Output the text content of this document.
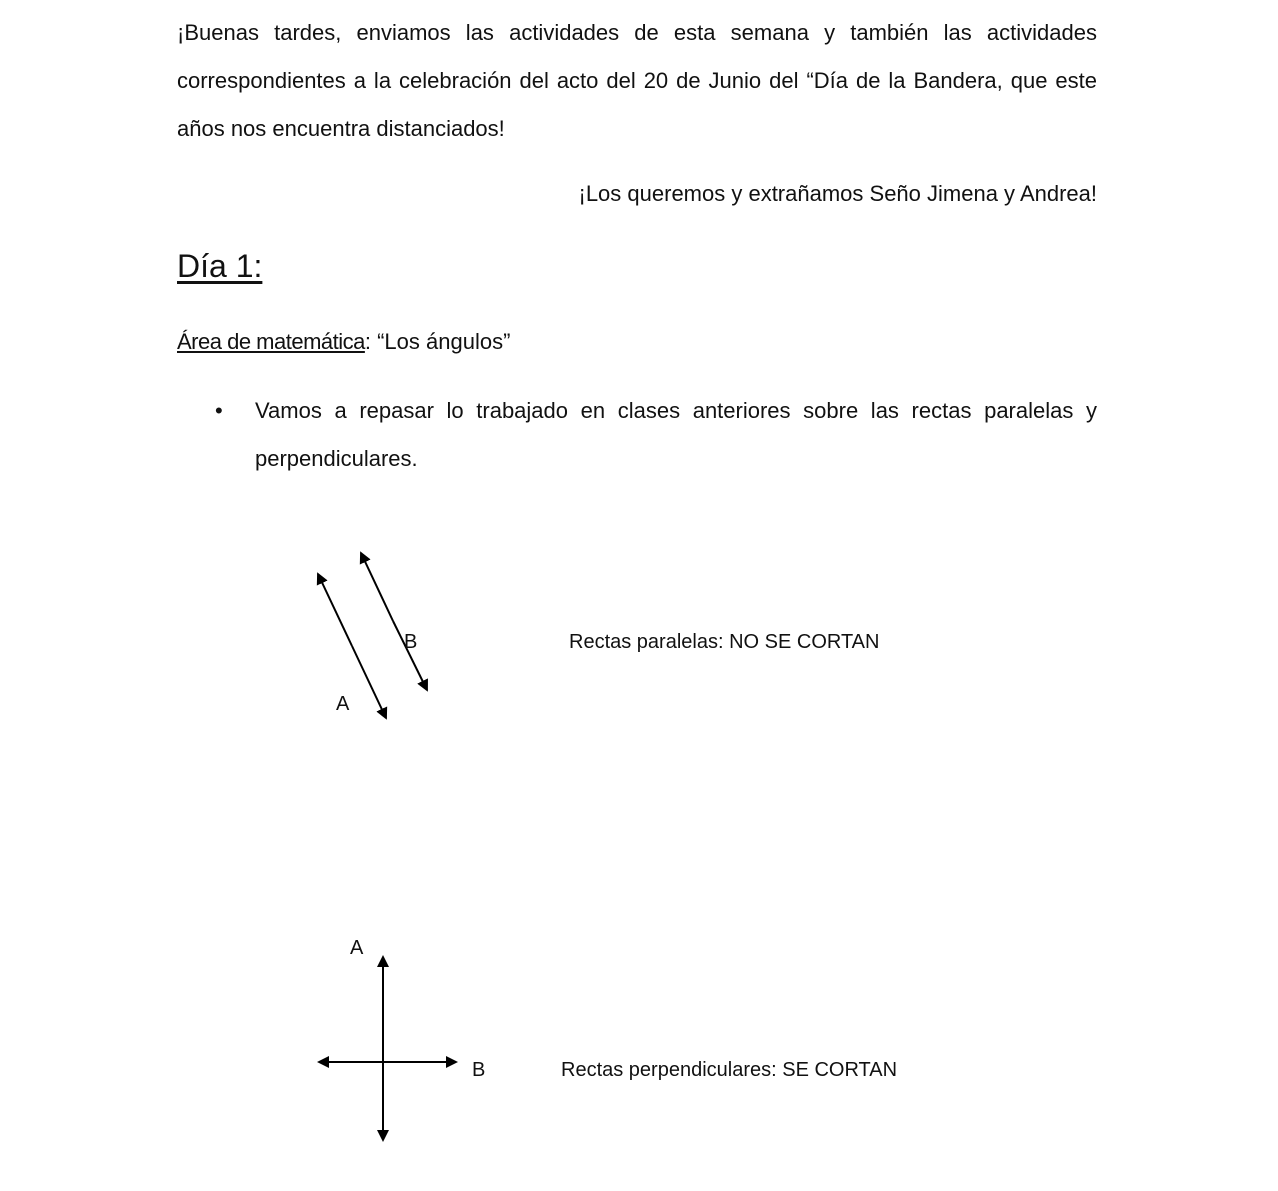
¡Buenas tardes, enviamos las actividades de esta semana y también las actividades correspondientes a la celebración del acto del 20 de Junio del “Día de la Bandera, que este años nos encuentra distanciados!

¡Los queremos y extrañamos Seño Jimena y Andrea!

Día 1:

Área de matemática: “Los ángulos”

• Vamos a repasar lo trabajado en clases anteriores sobre las rectas paralelas y perpendiculares.

B
A
Rectas paralelas: NO SE CORTAN
A
B	Rectas perpendiculares: SE CORTAN
